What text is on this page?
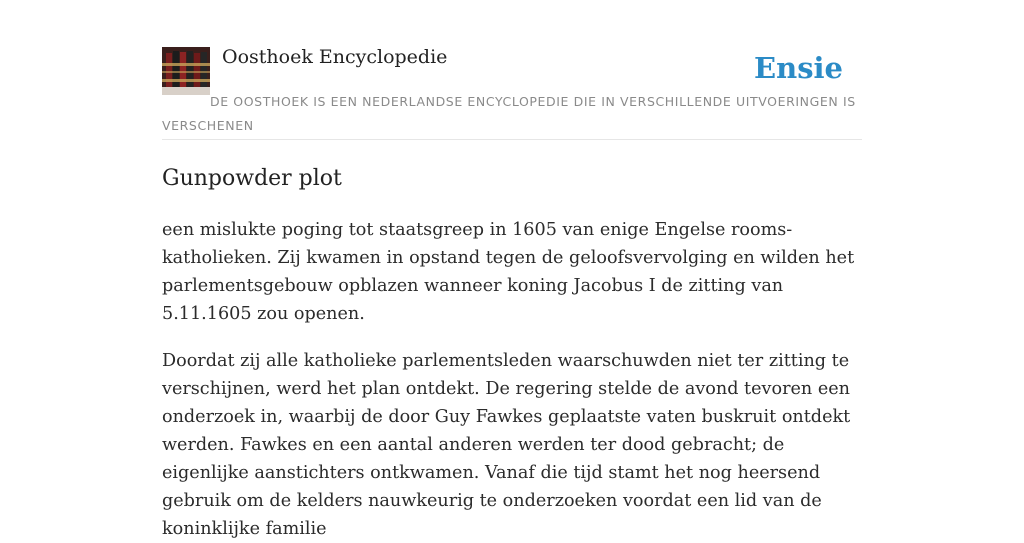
Oosthoek Encyclopedie	Ensie

DE OOSTHOEK IS EEN NEDERLANDSE ENCYCLOPEDIE DIE IN VERSCHILLENDE UITVOERINGEN IS VERSCHENEN

Gunpowder plot

een mislukte poging tot staatsgreep in 1605 van enige Engelse rooms-katholieken. Zij kwamen in opstand tegen de geloofsvervolging en wilden het parlementsgebouw opblazen wanneer koning Jacobus I de zitting van 5.11.1605 zou openen.

Doordat zij alle katholieke parlementsleden waarschuwden niet ter zitting te verschijnen, werd het plan ontdekt. De regering stelde de avond tevoren een onderzoek in, waarbij de door Guy Fawkes geplaatste vaten buskruit ontdekt werden. Fawkes en een aantal anderen werden ter dood gebracht; de eigenlijke aanstichters ontkwamen. Vanaf die tijd stamt het nog heersend gebruik om de kelders nauwkeurig te onderzoeken voordat een lid van de koninklijke familie
